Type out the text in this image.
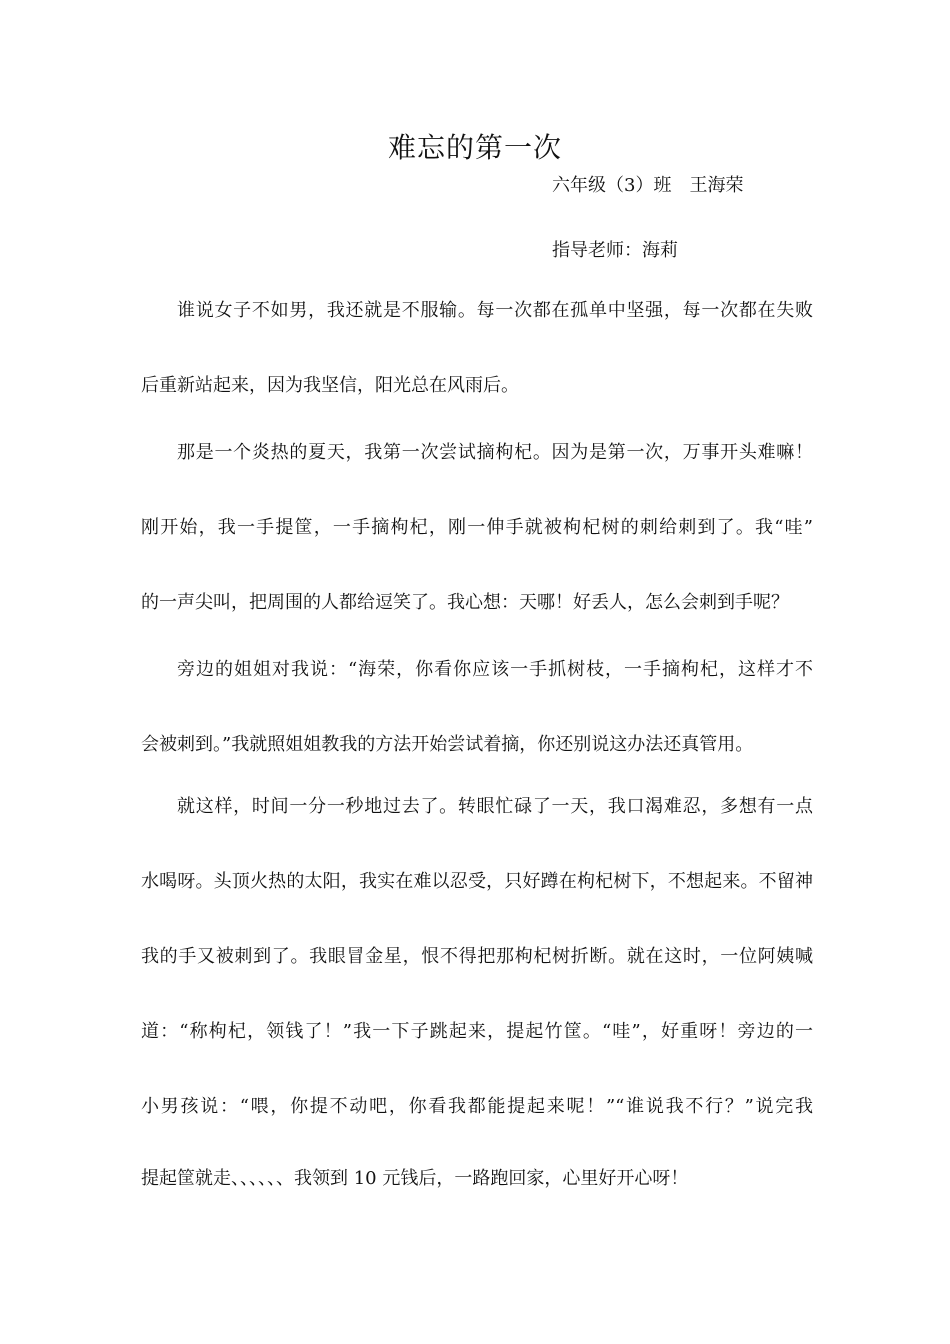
难忘的第一次
六年级（3）班　王海荣
指导老师：海莉
谁说女子不如男，我还就是不服输。每一次都在孤单中坚强，每一次都在失败
后重新站起来，因为我坚信，阳光总在风雨后。
那是一个炎热的夏天，我第一次尝试摘枸杞。因为是第一次，万事开头难嘛！
刚开始，我一手提筐，一手摘枸杞，刚一伸手就被枸杞树的刺给刺到了。我“哇”
的一声尖叫，把周围的人都给逗笑了。我心想：天哪！好丢人，怎么会刺到手呢？
旁边的姐姐对我说：“海荣，你看你应该一手抓树枝，一手摘枸杞，这样才不
会被刺到。”我就照姐姐教我的方法开始尝试着摘，你还别说这办法还真管用。
就这样，时间一分一秒地过去了。转眼忙碌了一天，我口渴难忍，多想有一点
水喝呀。头顶火热的太阳，我实在难以忍受，只好蹲在枸杞树下，不想起来。不留神
我的手又被刺到了。我眼冒金星，恨不得把那枸杞树折断。就在这时，一位阿姨喊
道：“称枸杞，领钱了！”我一下子跳起来，提起竹筐。“哇”，好重呀！旁边的一
小男孩说：“喂，你提不动吧，你看我都能提起来呢！”“谁说我不行？”说完我
提起筐就走、、、、、、我领到 10 元钱后，一路跑回家，心里好开心呀！
